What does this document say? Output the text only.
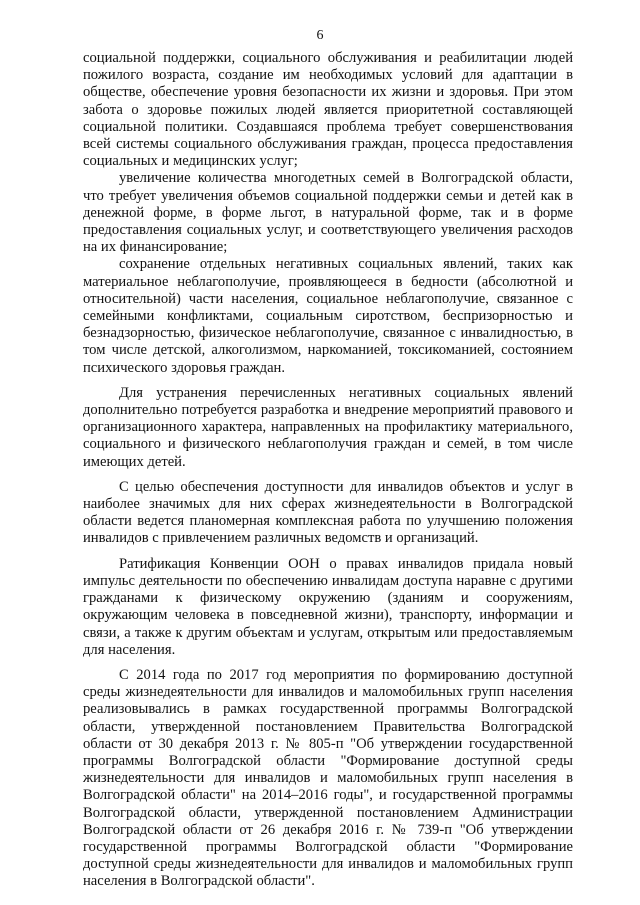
6

социальной поддержки, социального обслуживания и реабилитации людей пожилого возраста, создание им необходимых условий для адаптации в обществе, обеспечение уровня безопасности их жизни и здоровья. При этом забота о здоровье пожилых людей является приоритетной составляющей социальной политики. Создавшаяся проблема требует совершенствования всей системы социального обслуживания граждан, процесса предоставления социальных и медицинских услуг;

увеличение количества многодетных семей в Волгоградской области, что требует увеличения объемов социальной поддержки семьи и детей как в денежной форме, в форме льгот, в натуральной форме, так и в форме предоставления социальных услуг, и соответствующего увеличения расходов на их финансирование;

сохранение отдельных негативных социальных явлений, таких как материальное неблагополучие, проявляющееся в бедности (абсолютной и относительной) части населения, социальное неблагополучие, связанное с семейными конфликтами, социальным сиротством, беспризорностью и безнадзорностью, физическое неблагополучие, связанное с инвалидностью, в том числе детской, алкоголизмом, наркоманией, токсикоманией, состоянием психического здоровья граждан.

Для устранения перечисленных негативных социальных явлений дополнительно потребуется разработка и внедрение мероприятий правового и организационного характера, направленных на профилактику материального, социального и физического неблагополучия граждан и семей, в том числе имеющих детей.

С целью обеспечения доступности для инвалидов объектов и услуг в наиболее значимых для них сферах жизнедеятельности в Волгоградской области ведется планомерная комплексная работа по улучшению положения инвалидов с привлечением различных ведомств и организаций.

Ратификация Конвенции ООН о правах инвалидов придала новый импульс деятельности по обеспечению инвалидам доступа наравне с другими гражданами к физическому окружению (зданиям и сооружениям, окружающим человека в повседневной жизни), транспорту, информации и связи, а также к другим объектам и услугам, открытым или предоставляемым для населения.

С 2014 года по 2017 год мероприятия по формированию доступной среды жизнедеятельности для инвалидов и маломобильных групп населения реализовывались в рамках государственной программы Волгоградской области, утвержденной постановлением Правительства Волгоградской области от 30 декабря 2013 г. № 805-п "Об утверждении государственной программы Волгоградской области "Формирование доступной среды жизнедеятельности для инвалидов и маломобильных групп населения в Волгоградской области" на 2014–2016 годы", и государственной программы Волгоградской области, утвержденной постановлением Администрации Волгоградской области от 26 декабря 2016 г. № 739-п "Об утверждении государственной программы Волгоградской области "Формирование доступной среды жизнедеятельности для инвалидов и маломобильных групп населения в Волгоградской области".
